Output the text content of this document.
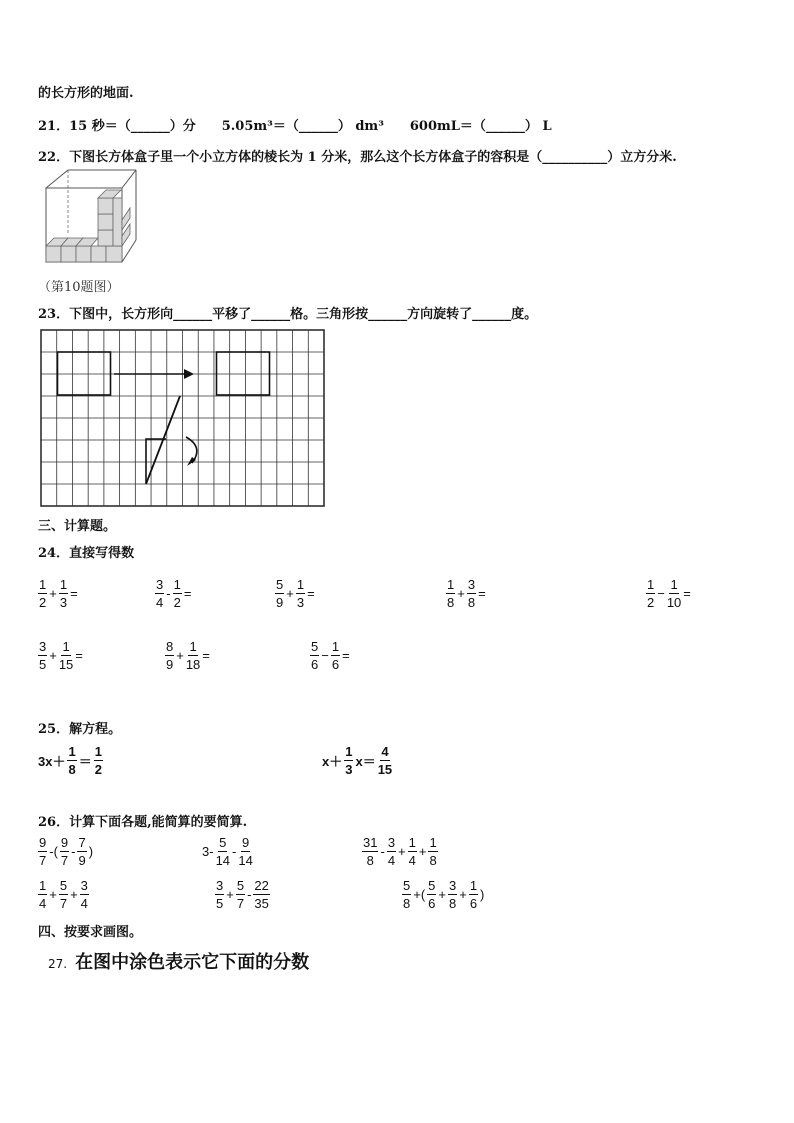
的长方形的地面.
21．15 秒＝（______）分　　5.05m³＝（______） dm³　　600mL＝（______） L
22．下图长方体盒子里一个小立方体的棱长为 1 分米，那么这个长方体盒子的容积是（__________）立方分米.
（第10题图）
23．下图中，长方形向______平移了______格。三角形按______方向旋转了______度。
三、计算题。
24．直接写得数
$\frac{1}{2} + \frac{1}{3}$ =	$\frac{3}{4} - \frac{1}{2}$ =	$\frac{5}{9} + \frac{1}{3}$ =	$\frac{1}{8} + \frac{3}{8}$ =	$\frac{1}{2} - \frac{1}{10}$ =
$\frac{3}{5} + \frac{1}{15}$ =	$\frac{8}{9} + \frac{1}{18}$ =	$\frac{5}{6} - \frac{1}{6}$ =
25．解方程。
$3x+ \frac{1}{8} = \frac{1}{2}$	$x+ \frac{1}{3} x= \frac{4}{15}$
26．计算下面各题,能简算的要简算.
$\frac{9}{7}$ -( $\frac{9}{7} - \frac{7}{9}$ )	$3- \frac{5}{14} - \frac{9}{14}$	$\frac{31}{8} - \frac{3}{4} + \frac{1}{4} + \frac{1}{8}$
$\frac{1}{4} + \frac{5}{7} + \frac{3}{4}$	$\frac{3}{5} + \frac{5}{7} - \frac{22}{35}$	$\frac{5}{8}$ +( $\frac{5}{6} + \frac{3}{8} + \frac{1}{6}$ )
四、按要求画图。
27. 在图中涂色表示它下面的分数
